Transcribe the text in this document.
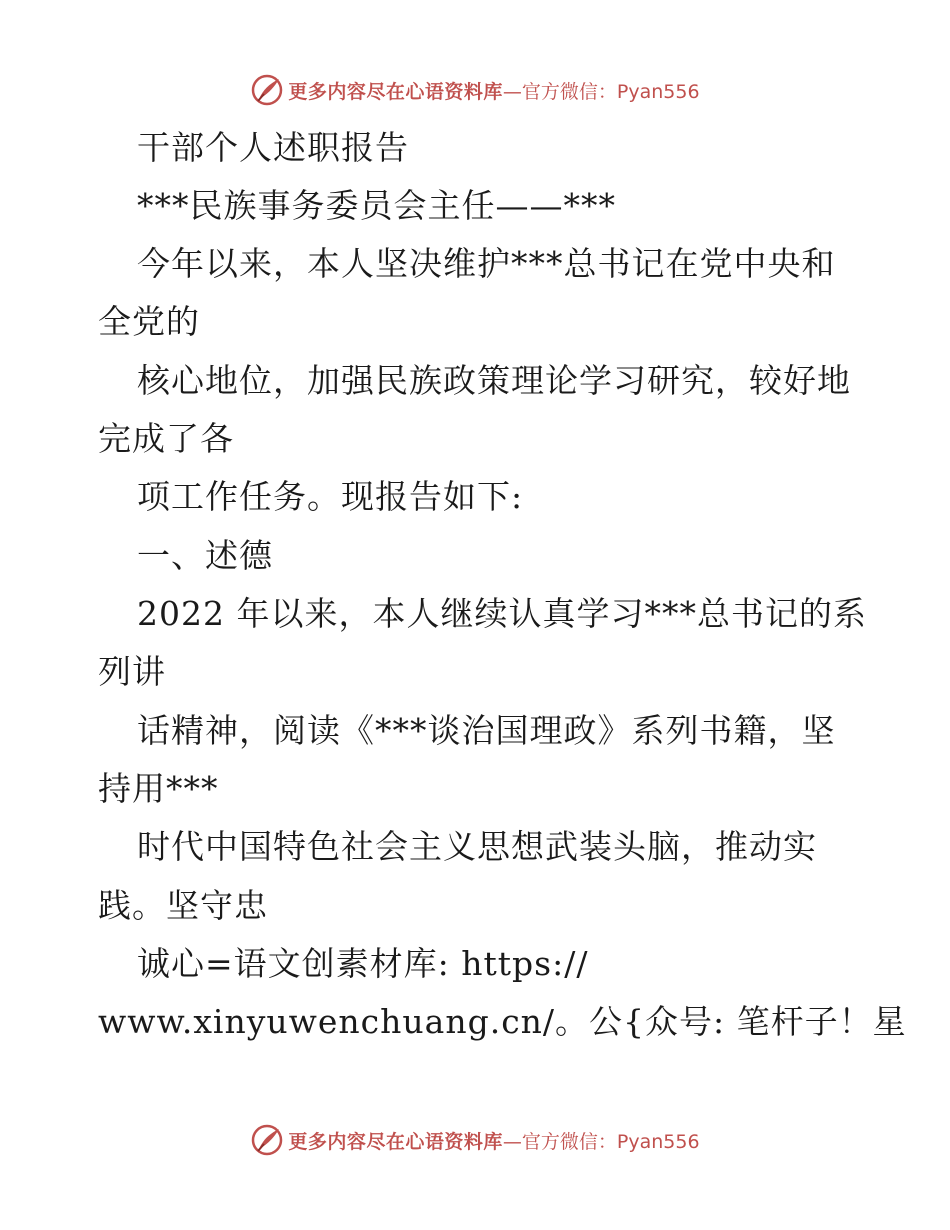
更多内容尽在心语资料库 —官方微信：Pyan556
干部个人述职报告
***民族事务委员会主任——***
今年以来，本人坚决维护***总书记在党中央和
全党的
核心地位，加强民族政策理论学习研究，较好地
完成了各
项工作任务。现报告如下:
一、述德
2022 年以来，本人继续认真学习***总书记的系
列讲
话精神，阅读《***谈治国理政》系列书籍，坚
持用***
时代中国特色社会主义思想武装头脑，推动实
践。坚守忠
诚心=语文创素材库: https://
www.xinyuwenchuang.cn/。公{众号: 笔杆子！星
更多内容尽在心语资料库 —官方微信：Pyan556
